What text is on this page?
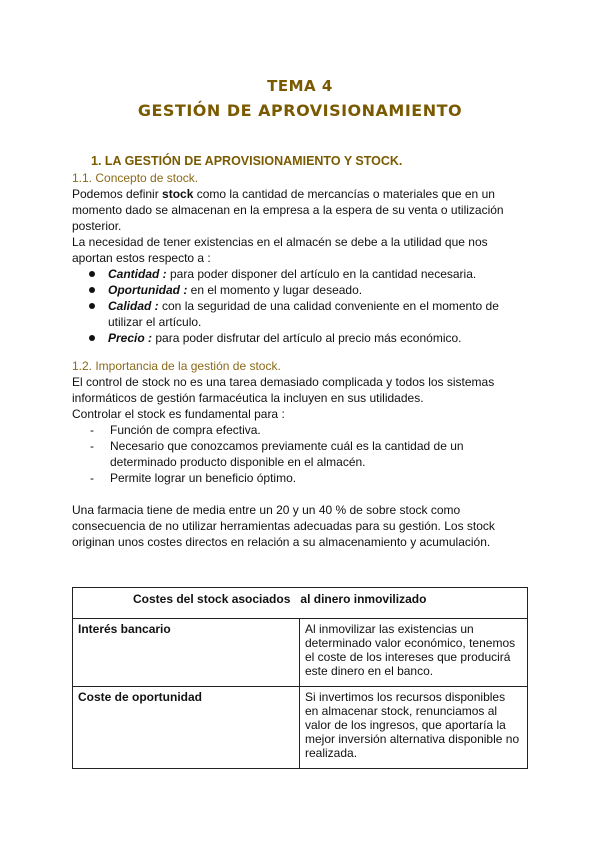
TEMA 4
GESTIÓN DE APROVISIONAMIENTO
1. LA GESTIÓN DE APROVISIONAMIENTO Y STOCK.
1.1. Concepto de stock.
Podemos definir stock como la cantidad de mercancías o materiales que en un
momento dado se almacenan en la empresa a la espera de su venta o utilización
posterior.
La necesidad de tener existencias en el almacén se debe a la utilidad que nos
aportan estos respecto a :
Cantidad : para poder disponer del artículo en la cantidad necesaria.
Oportunidad : en el momento y lugar deseado.
Calidad : con la seguridad de una calidad conveniente en el momento de
utilizar el artículo.
Precio : para poder disfrutar del artículo al precio más económico.
1.2. Importancia de la gestión de stock.
El control de stock no es una tarea demasiado complicada y todos los sistemas
informáticos de gestión farmacéutica la incluyen en sus utilidades.
Controlar el stock es fundamental para :
- Función de compra efectiva.
- Necesario que conozcamos previamente cuál es la cantidad de un
determinado producto disponible en el almacén.
- Permite lograr un beneficio óptimo.
Una farmacia tiene de media entre un 20 y un 40 % de sobre stock como
consecuencia de no utilizar herramientas adecuadas para su gestión. Los stock
originan unos costes directos en relación a su almacenamiento y acumulación.
Costes del stock asociados al dinero inmovilizado	
Interés bancario	Al inmovilizar las existencias un
determinado valor económico, tenemos
el coste de los intereses que producirá
este dinero en el banco.

Coste de oportunidad	Si invertimos los recursos disponibles
en almacenar stock, renunciamos al
valor de los ingresos, que aportaría la
mejor inversión alternativa disponible no
realizada.
